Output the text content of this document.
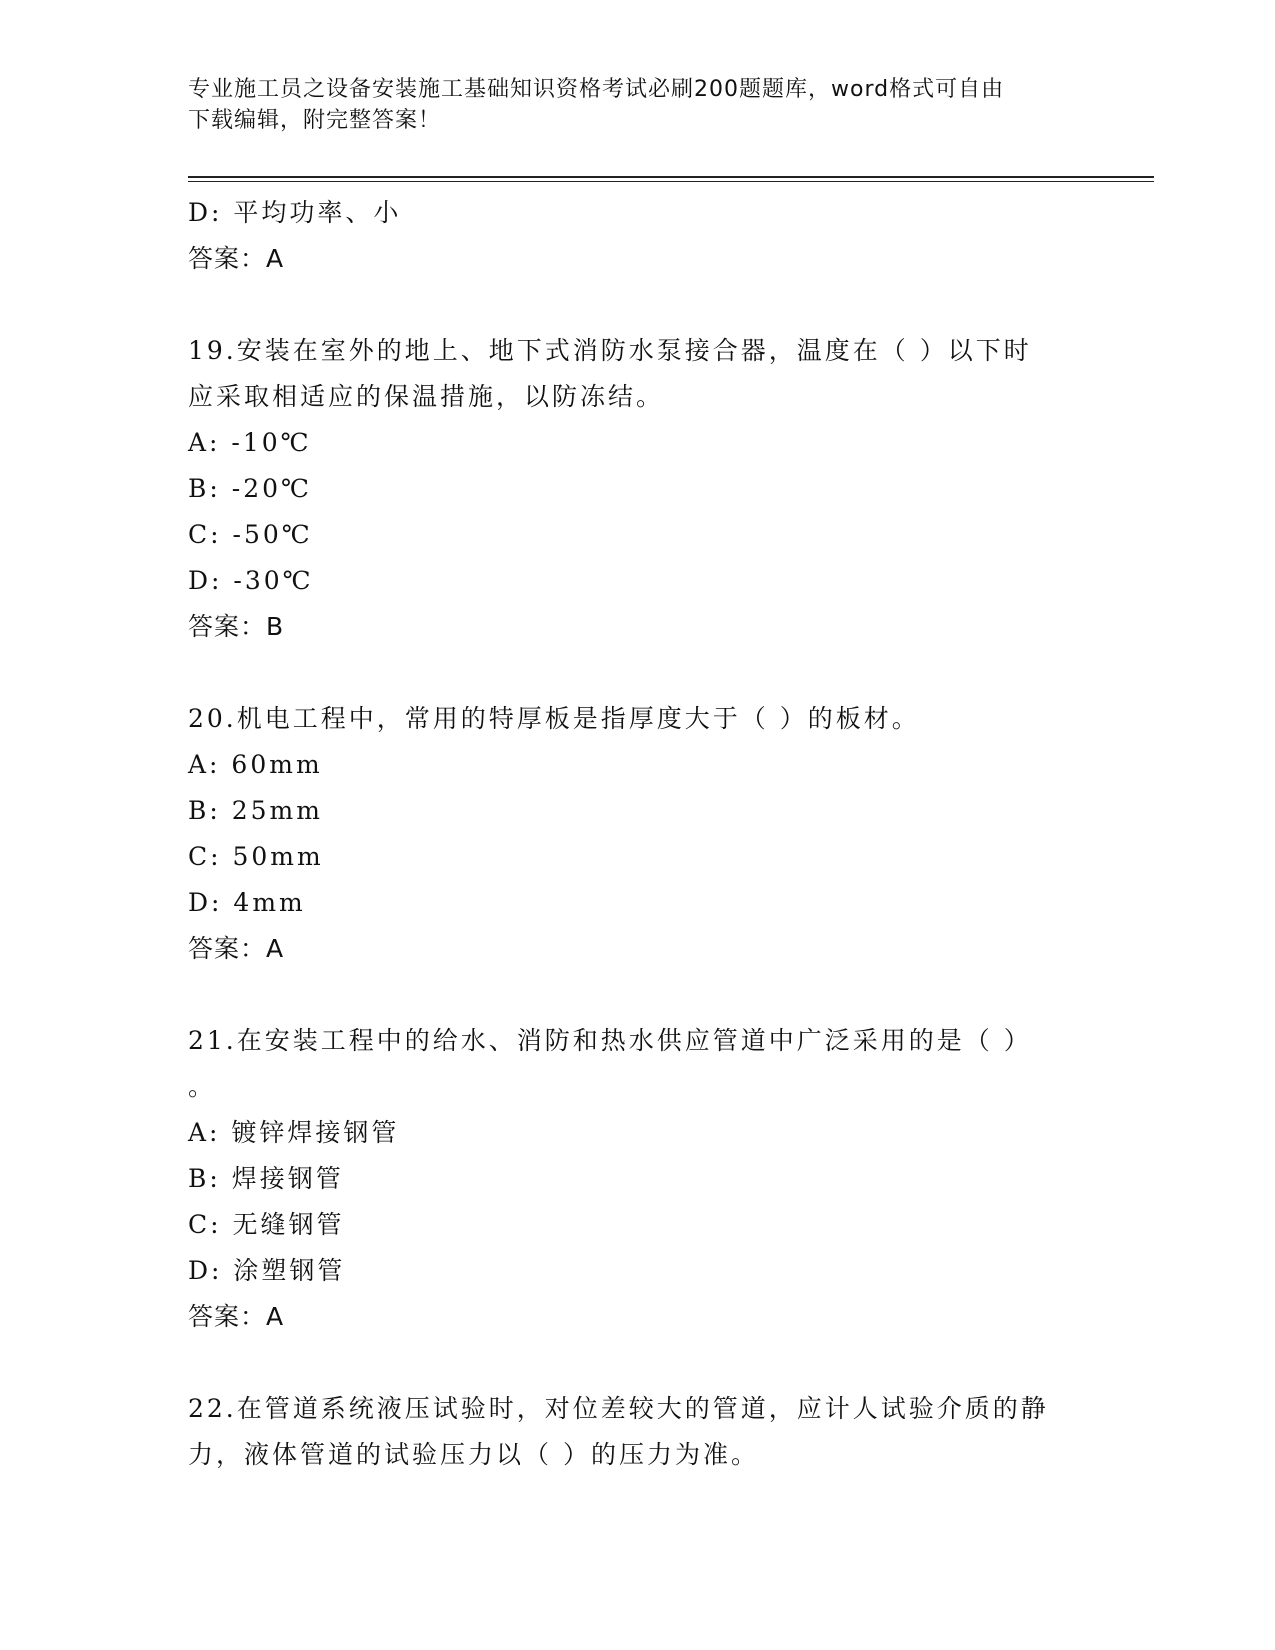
专业施工员之设备安装施工基础知识资格考试必刷200题题库，word格式可自由
下载编辑，附完整答案！
D: 平均功率、小
答案：A
19.安装在室外的地上、地下式消防水泵接合器，温度在（ ）以下时
应采取相适应的保温措施，以防冻结。
A: -10℃
B: -20℃
C: -50℃
D: -30℃
答案：B
20.机电工程中，常用的特厚板是指厚度大于（ ）的板材。
A: 60mm
B: 25mm
C: 50mm
D: 4mm
答案：A
21.在安装工程中的给水、消防和热水供应管道中广泛采用的是（ ）
。
A: 镀锌焊接钢管
B: 焊接钢管
C: 无缝钢管
D: 涂塑钢管
答案：A
22.在管道系统液压试验时，对位差较大的管道，应计人试验介质的静
力，液体管道的试验压力以（ ）的压力为准。
